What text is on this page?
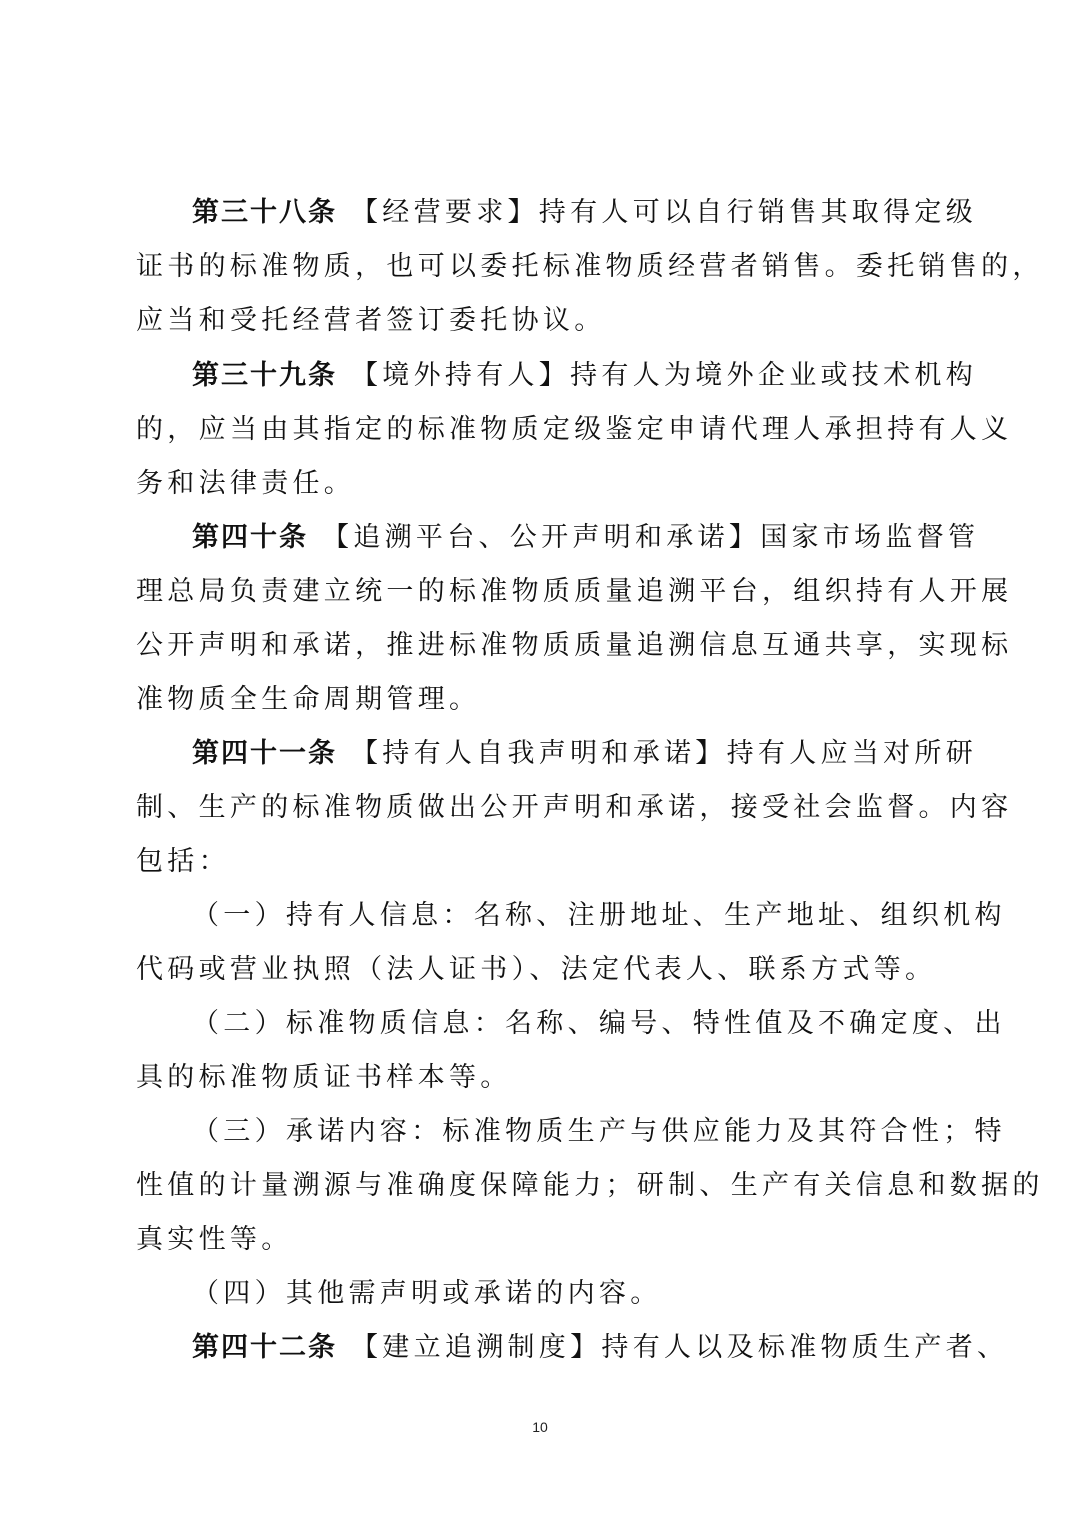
第三十八条 【经营要求】持有人可以自行销售其取得定级
证书的标准物质，也可以委托标准物质经营者销售。委托销售的，
应当和受托经营者签订委托协议。
第三十九条 【境外持有人】持有人为境外企业或技术机构
的，应当由其指定的标准物质定级鉴定申请代理人承担持有人义
务和法律责任。
第四十条 【追溯平台、公开声明和承诺】国家市场监督管
理总局负责建立统一的标准物质质量追溯平台，组织持有人开展
公开声明和承诺，推进标准物质质量追溯信息互通共享，实现标
准物质全生命周期管理。
第四十一条 【持有人自我声明和承诺】持有人应当对所研
制、生产的标准物质做出公开声明和承诺，接受社会监督。内容
包括：
（一）持有人信息：名称、注册地址、生产地址、组织机构
代码或营业执照（法人证书）、法定代表人、联系方式等。
（二）标准物质信息：名称、编号、特性值及不确定度、出
具的标准物质证书样本等。
（三）承诺内容：标准物质生产与供应能力及其符合性；特
性值的计量溯源与准确度保障能力；研制、生产有关信息和数据的
真实性等。
（四）其他需声明或承诺的内容。
第四十二条 【建立追溯制度】持有人以及标准物质生产者、
10
